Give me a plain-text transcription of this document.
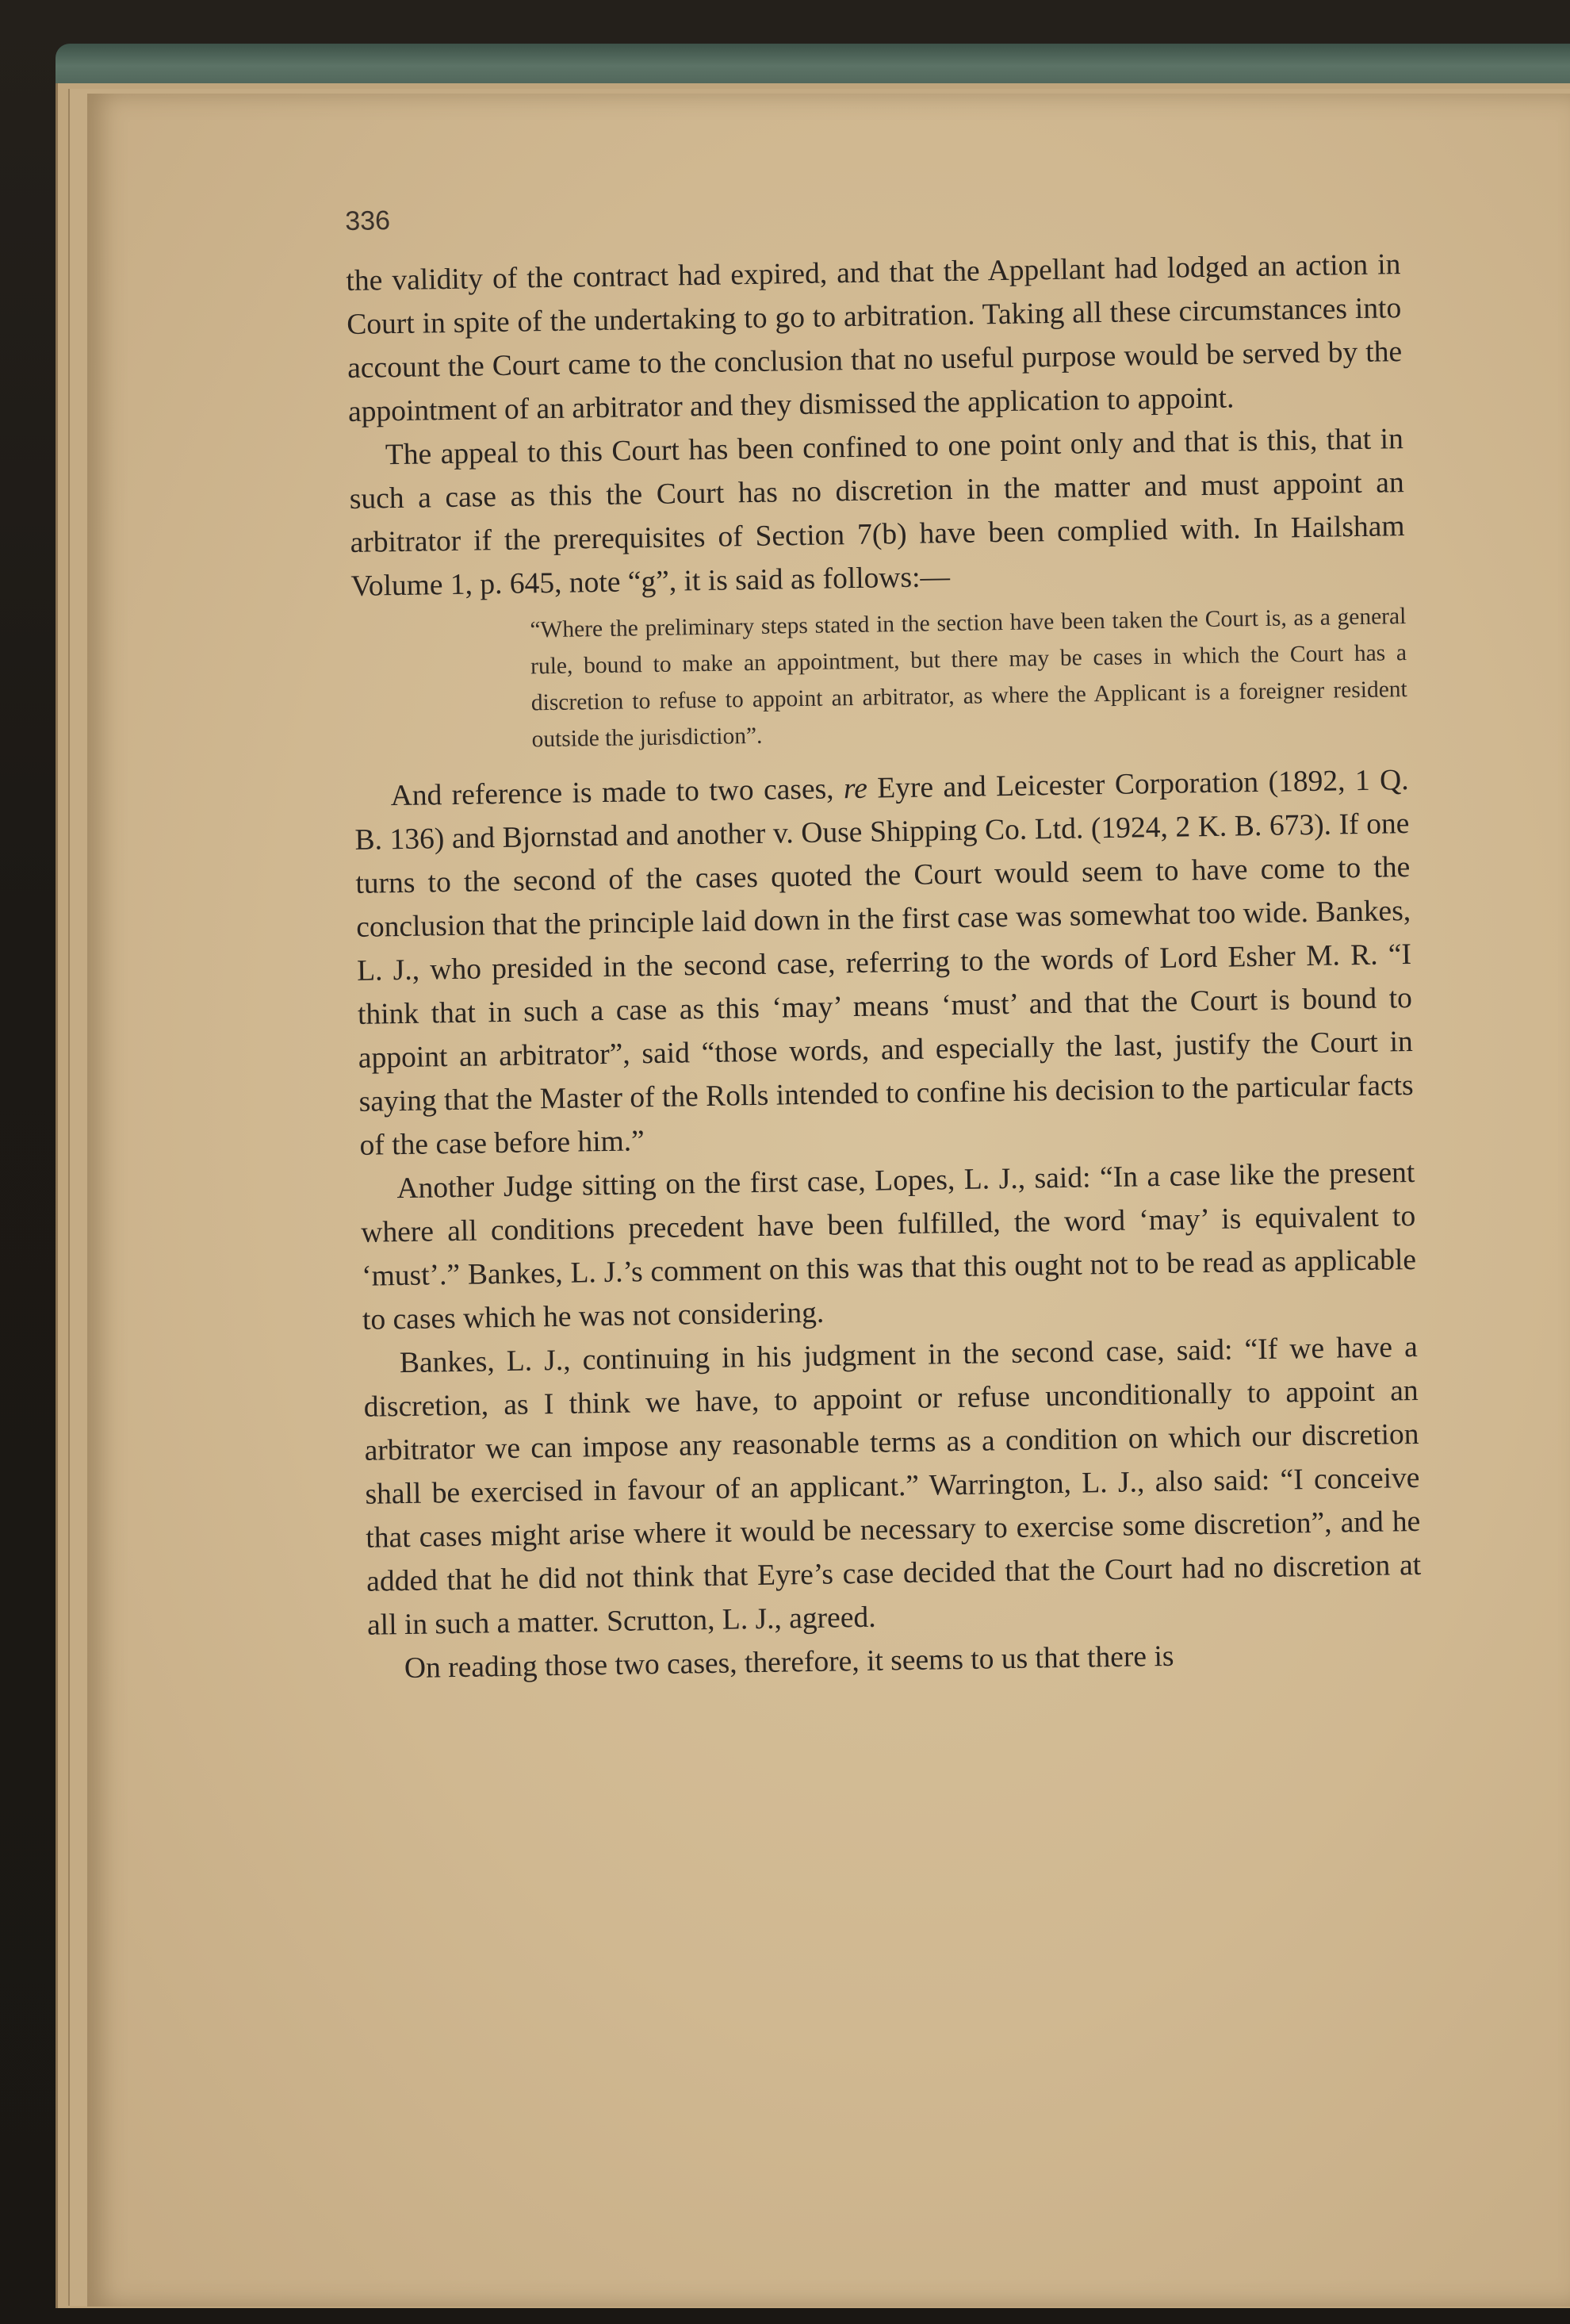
336

the validity of the contract had expired, and that the Appellant had lodged an action in Court in spite of the undertaking to go to arbitration. Taking all these circumstances into account the Court came to the conclusion that no useful purpose would be served by the appointment of an arbitrator and they dismissed the application to appoint.

The appeal to this Court has been confined to one point only and that is this, that in such a case as this the Court has no discretion in the matter and must appoint an arbitrator if the prerequisites of Section 7(b) have been complied with. In Hailsham Volume 1, p. 645, note “g”, it is said as follows:—

“Where the preliminary steps stated in the section have been taken the Court is, as a general rule, bound to make an appointment, but there may be cases in which the Court has a discretion to refuse to appoint an arbitrator, as where the Applicant is a foreigner resident outside the jurisdiction”.

And reference is made to two cases, re Eyre and Leicester Corporation (1892, 1 Q. B. 136) and Bjornstad and another v. Ouse Shipping Co. Ltd. (1924, 2 K. B. 673). If one turns to the second of the cases quoted the Court would seem to have come to the conclusion that the principle laid down in the first case was somewhat too wide. Bankes, L. J., who presided in the second case, referring to the words of Lord Esher M. R. “I think that in such a case as this ‘may’ means ‘must’ and that the Court is bound to appoint an arbitrator”, said “those words, and especially the last, justify the Court in saying that the Master of the Rolls intended to confine his decision to the particular facts of the case before him.”

Another Judge sitting on the first case, Lopes, L. J., said: “In a case like the present where all conditions precedent have been fulfilled, the word ‘may’ is equivalent to ‘must’.” Bankes, L. J.’s comment on this was that this ought not to be read as applicable to cases which he was not considering.

Bankes, L. J., continuing in his judgment in the second case, said: “If we have a discretion, as I think we have, to appoint or refuse unconditionally to appoint an arbitrator we can impose any reasonable terms as a condition on which our discretion shall be exercised in favour of an applicant.” Warrington, L. J., also said: “I conceive that cases might arise where it would be necessary to exercise some discretion”, and he added that he did not think that Eyre’s case decided that the Court had no discretion at all in such a matter. Scrutton, L. J., agreed.

On reading those two cases, therefore, it seems to us that there is
